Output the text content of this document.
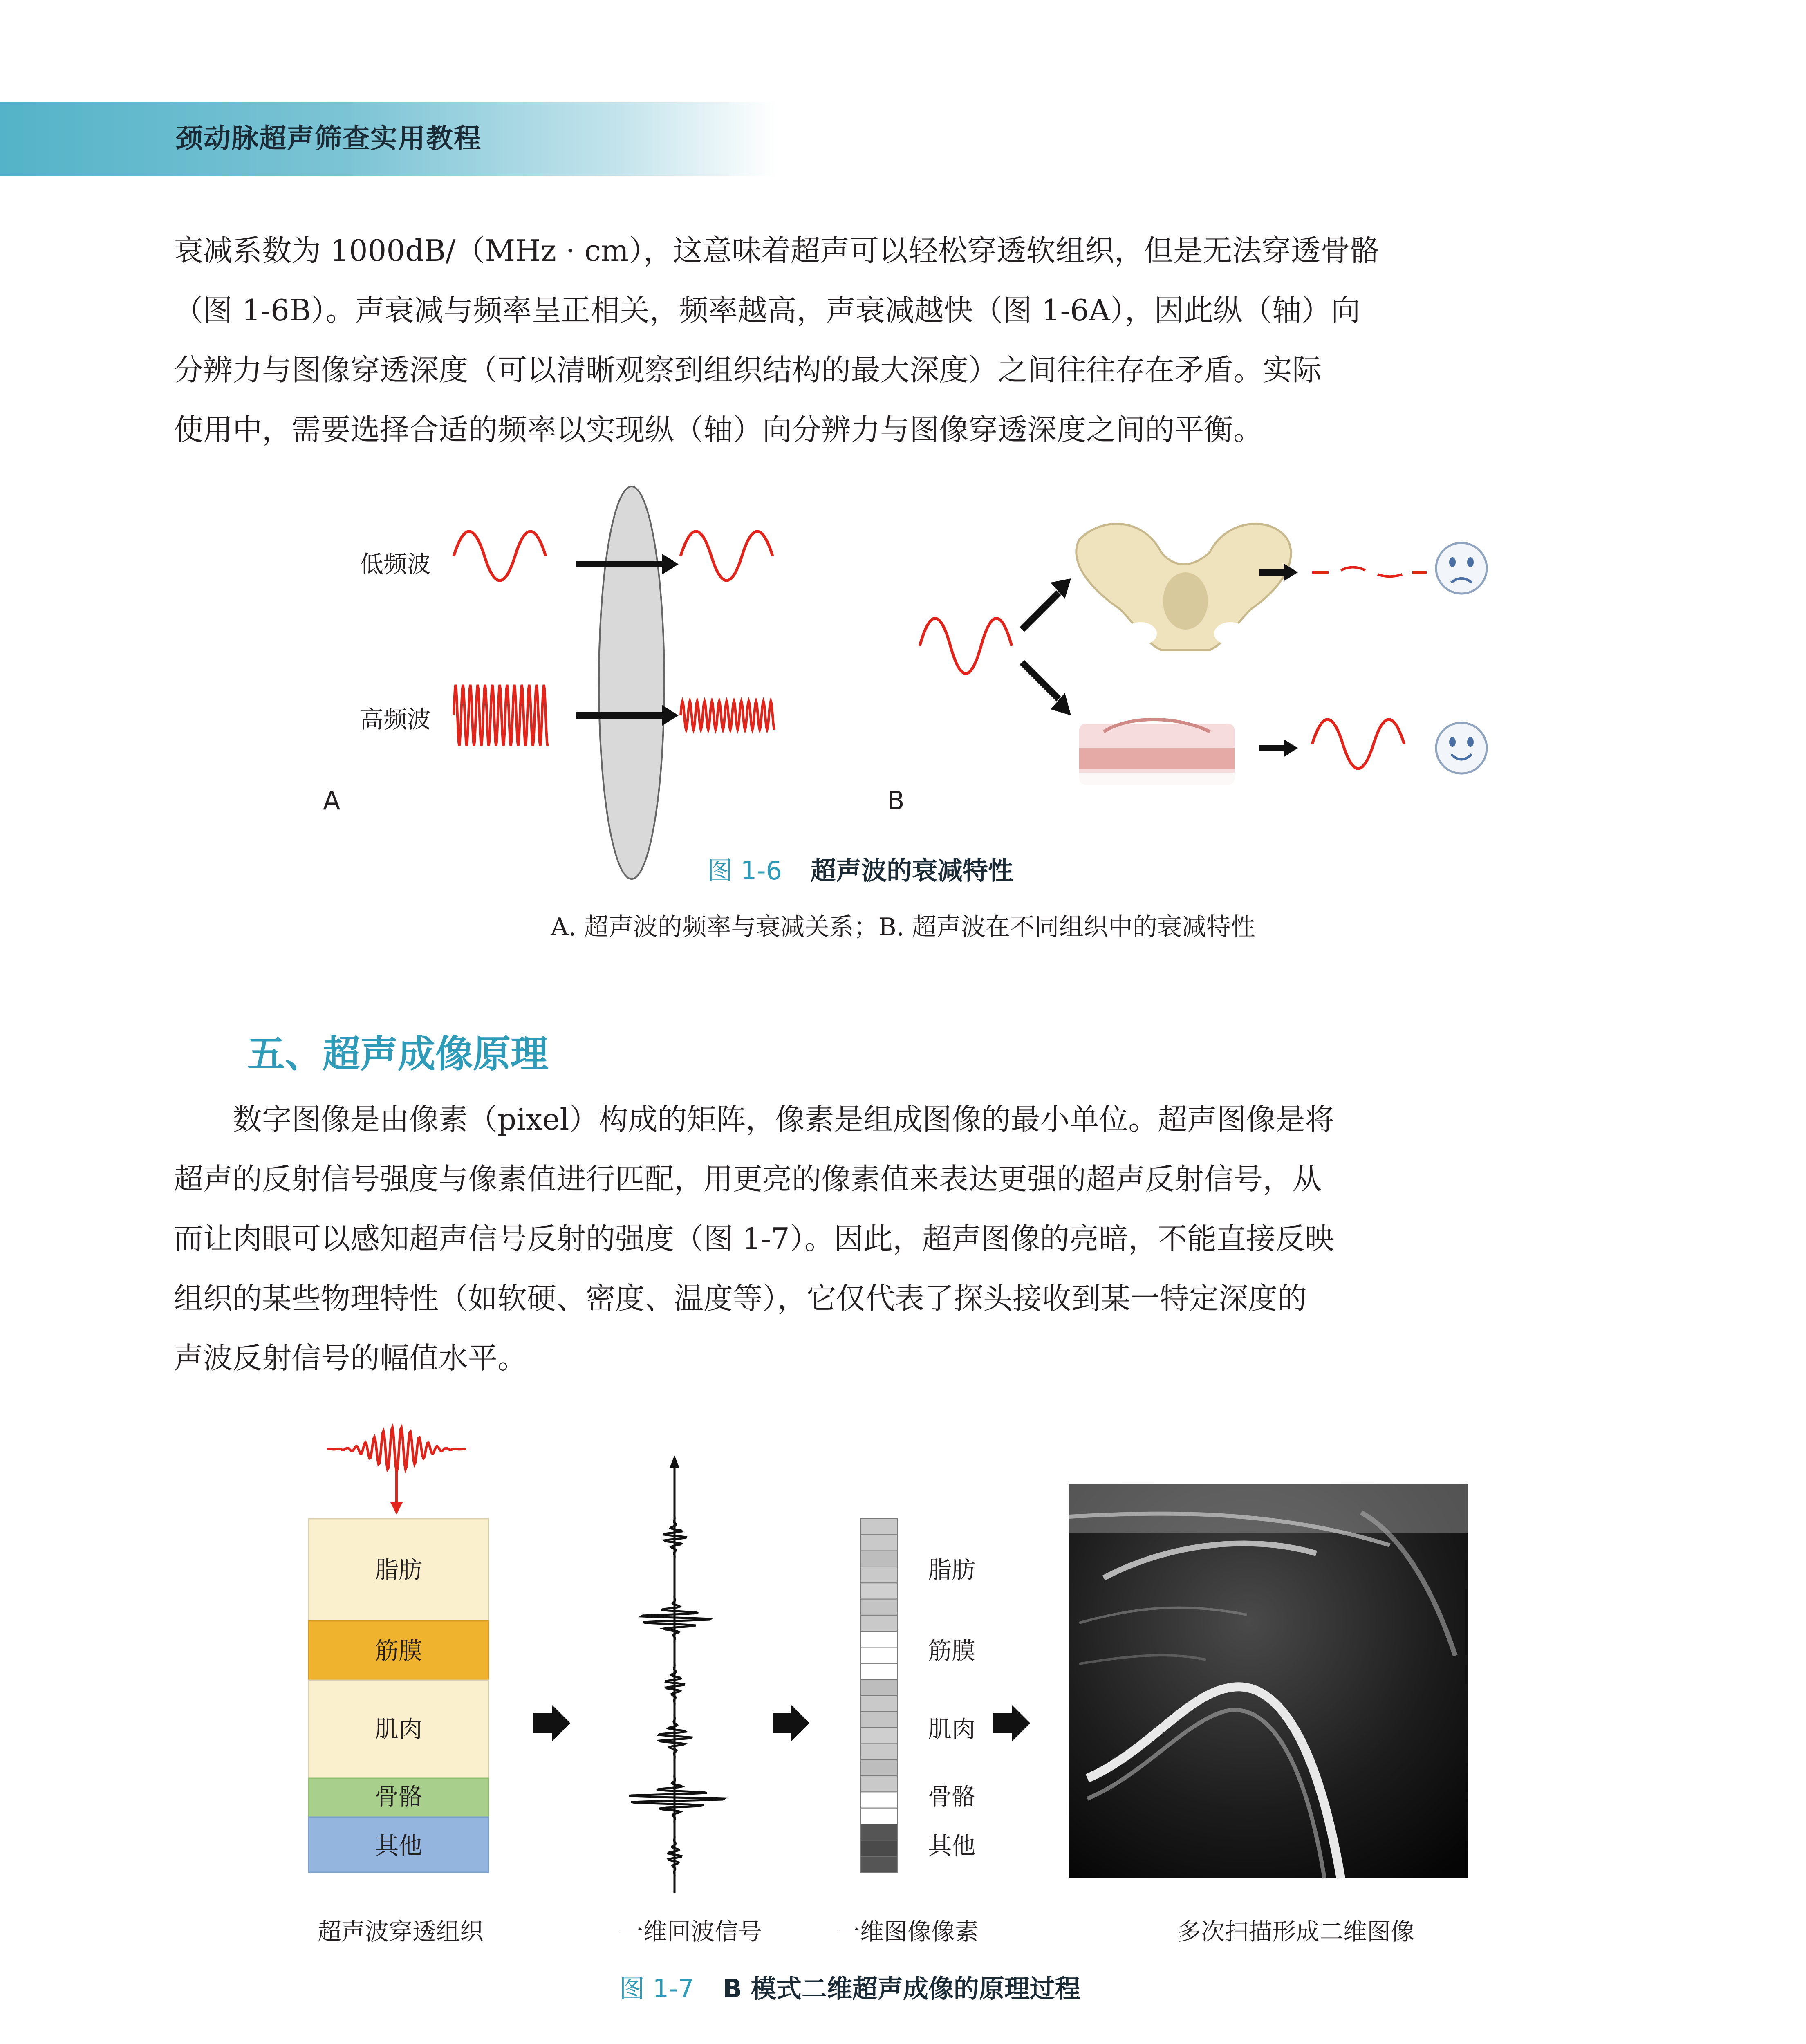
颈动脉超声筛查实用教程

衰减系数为 1000dB/（MHz · cm），这意味着超声可以轻松穿透软组织，但是无法穿透骨骼
（图 1-6B）。声衰减与频率呈正相关，频率越高，声衰减越快（图 1-6A），因此纵（轴）向
分辨力与图像穿透深度（可以清晰观察到组织结构的最大深度）之间往往存在矛盾。实际
使用中，需要选择合适的频率以实现纵（轴）向分辨力与图像穿透深度之间的平衡。

低频波
高频波
A	B
图 1-6 超声波的衰减特性
A. 超声波的频率与衰减关系；B. 超声波在不同组织中的衰减特性
五、超声成像原理

　　数字图像是由像素（pixel）构成的矩阵，像素是组成图像的最小单位。超声图像是将
超声的反射信号强度与像素值进行匹配，用更亮的像素值来表达更强的超声反射信号，从
而让肉眼可以感知超声信号反射的强度（图 1-7）。因此，超声图像的亮暗，不能直接反映
组织的某些物理特性（如软硬、密度、温度等），它仅代表了探头接收到某一特定深度的
声波反射信号的幅值水平。

脂肪
筋膜
肌肉
骨骼
其他
脂肪
筋膜
肌肉
骨骼
其他
超声波穿透组织	一维回波信号	一维图像像素	多次扫描形成二维图像
图 1-7 B 模式二维超声成像的原理过程
